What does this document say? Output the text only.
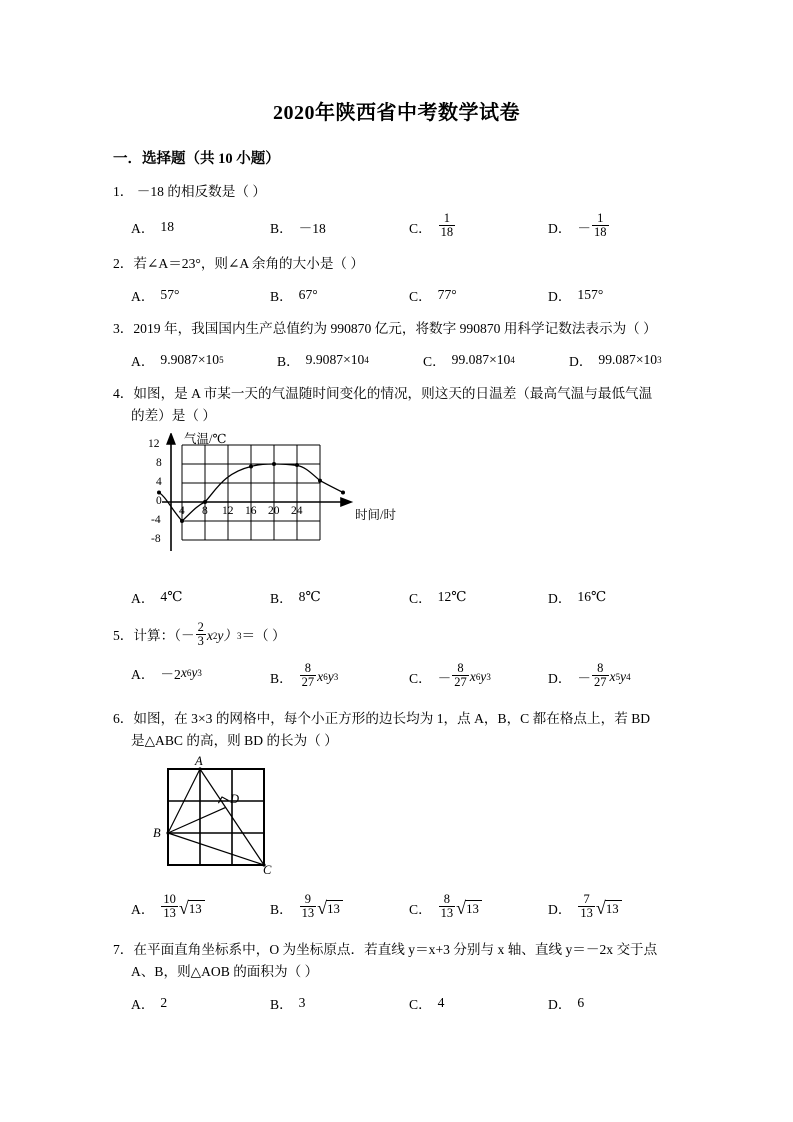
2020年陕西省中考数学试卷
一．选择题（共 10 小题）
1． －18 的相反数是（ ）
A． 18	B． －18	C． $\frac{1}{18}$	D． － $\frac{1}{18}$
2．若∠A＝23°，则∠A 余角的大小是（ ）
A． 57°	B． 67°	C． 77°	D． 157°
3．2019 年，我国国内生产总值约为 990870 亿元，将数字 990870 用科学记数法表示为（ ）
A． 9.9087 × 10 5	B． 9.9087 × 10 4	C． 99.087 × 10 4	D． 99.087 × 10 3
4．如图，是 A 市某一天的气温随时间变化的情况，则这天的日温差（最高气温与最低气温
的差）是（ ）
气温/℃
时间/时
12
8
4
0
-4
-8
4 8 12 16 20 24
A． 4℃	B． 8℃	C． 12℃	D． 16℃
5．计算：（－ $\frac{2}{3}$ x 2 y） 3 ＝（ ）
A． －2 x 6 y 3	B． $\frac{8}{27}$ x 6 y 3	C． － $\frac{8}{27}$ x 6 y 3	D． － $\frac{8}{27}$ x 5 y 4
6．如图，在 3×3 的网格中，每个小正方形的边长均为 1，点 A，B，C 都在格点上，若 BD
是△ABC 的高，则 BD 的长为（ ）
A
B
C
D
A． $\frac{10}{13}$ √ 13	B． $\frac{9}{13}$ √ 13	C． $\frac{8}{13}$ √ 13	D． $\frac{7}{13}$ √ 13
7．在平面直角坐标系中，O 为坐标原点．若直线 y＝x+3 分别与 x 轴、直线 y＝－2x 交于点
A、B，则△AOB 的面积为（ ）
A． 2	B． 3	C． 4	D． 6
